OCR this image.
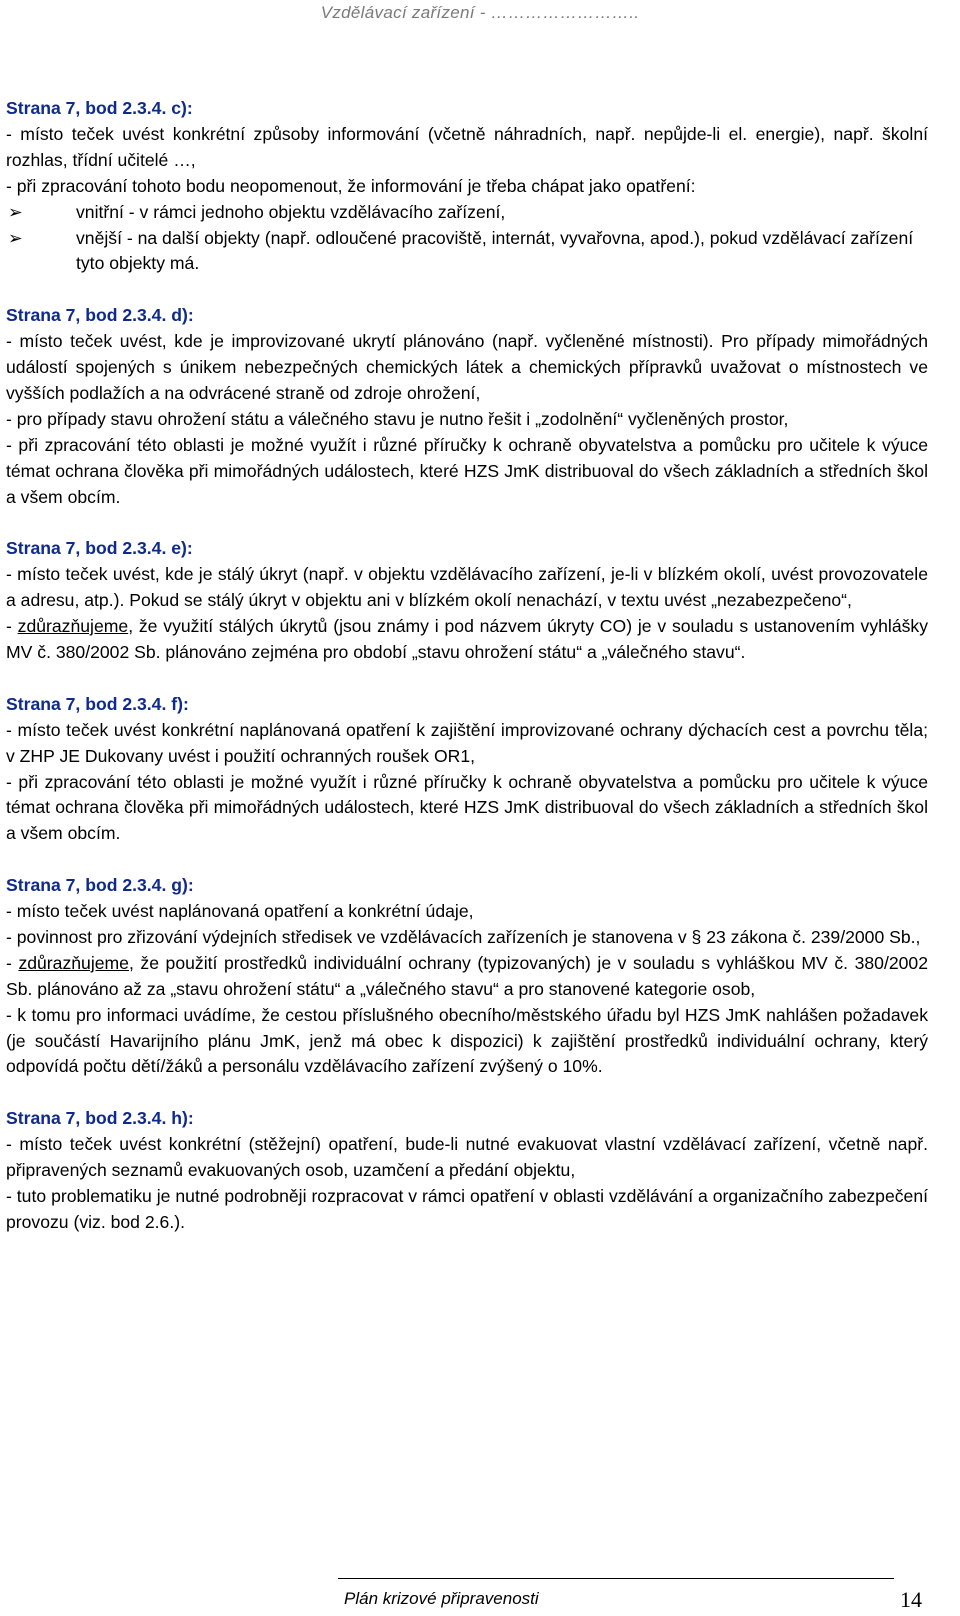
Vzdělávací zařízení - ……………………..
Strana 7, bod 2.3.4. c):
- místo teček uvést konkrétní způsoby informování (včetně náhradních, např. nepůjde-li el. energie), např. školní rozhlas, třídní učitelé …,
- při zpracování tohoto bodu neopomenout, že informování je třeba chápat jako opatření:
➢	vnitřní - v rámci jednoho objektu vzdělávacího zařízení,
➢	vnější - na další objekty (např. odloučené pracoviště, internát, vyvařovna, apod.), pokud vzdělávací zařízení tyto objekty má.
Strana 7, bod 2.3.4. d):
- místo teček uvést, kde je improvizované ukrytí plánováno (např. vyčleněné místnosti). Pro případy mimořádných událostí spojených s únikem nebezpečných chemických látek a chemických přípravků uvažovat o místnostech ve vyšších podlažích a na odvrácené straně od zdroje ohrožení,
- pro případy stavu ohrožení státu a válečného stavu je nutno řešit i „zodolnění“ vyčleněných prostor,
- při zpracování této oblasti je možné využít i různé příručky k ochraně obyvatelstva a pomůcku pro učitele k výuce témat ochrana člověka při mimořádných událostech, které HZS JmK distribuoval do všech základních a středních škol a všem obcím.
Strana 7, bod 2.3.4. e):
- místo teček uvést, kde je stálý úkryt (např. v objektu vzdělávacího zařízení, je-li v blízkém okolí, uvést provozovatele a adresu, atp.). Pokud se stálý úkryt v objektu ani v blízkém okolí nenachází, v textu uvést „nezabezpečeno“,
- zdůrazňujeme, že využití stálých úkrytů (jsou známy i pod názvem úkryty CO) je v souladu s ustanovením vyhlášky MV č. 380/2002 Sb. plánováno zejména pro období „stavu ohrožení státu“ a „válečného stavu“.
Strana 7, bod 2.3.4. f):
- místo teček uvést konkrétní naplánovaná opatření k zajištění improvizované ochrany dýchacích cest a povrchu těla; v ZHP JE Dukovany uvést i použití ochranných roušek OR1,
- při zpracování této oblasti je možné využít i různé příručky k ochraně obyvatelstva a pomůcku pro učitele k výuce témat ochrana člověka při mimořádných událostech, které HZS JmK distribuoval do všech základních a středních škol a všem obcím.
Strana 7, bod 2.3.4. g):
- místo teček uvést naplánovaná opatření a konkrétní údaje,
- povinnost pro zřizování výdejních středisek ve vzdělávacích zařízeních je stanovena v § 23 zákona č. 239/2000 Sb.,
- zdůrazňujeme, že použití prostředků individuální ochrany (typizovaných) je v souladu s vyhláškou MV č. 380/2002 Sb. plánováno až za „stavu ohrožení státu“ a „válečného stavu“ a pro stanovené kategorie osob,
- k tomu pro informaci uvádíme, že cestou příslušného obecního/městského úřadu byl HZS JmK nahlášen požadavek (je součástí Havarijního plánu JmK, jenž má obec k dispozici) k zajištění prostředků individuální ochrany, který odpovídá počtu dětí/žáků a personálu vzdělávacího zařízení zvýšený o 10%.
Strana 7, bod 2.3.4. h):
- místo teček uvést konkrétní (stěžejní) opatření, bude-li nutné evakuovat vlastní vzdělávací zařízení, včetně např. připravených seznamů evakuovaných osob, uzamčení a předání objektu,
- tuto problematiku je nutné podrobněji rozpracovat v rámci opatření v oblasti vzdělávání a organizačního zabezpečení provozu (viz. bod 2.6.).
Plán krizové připravenosti	14
